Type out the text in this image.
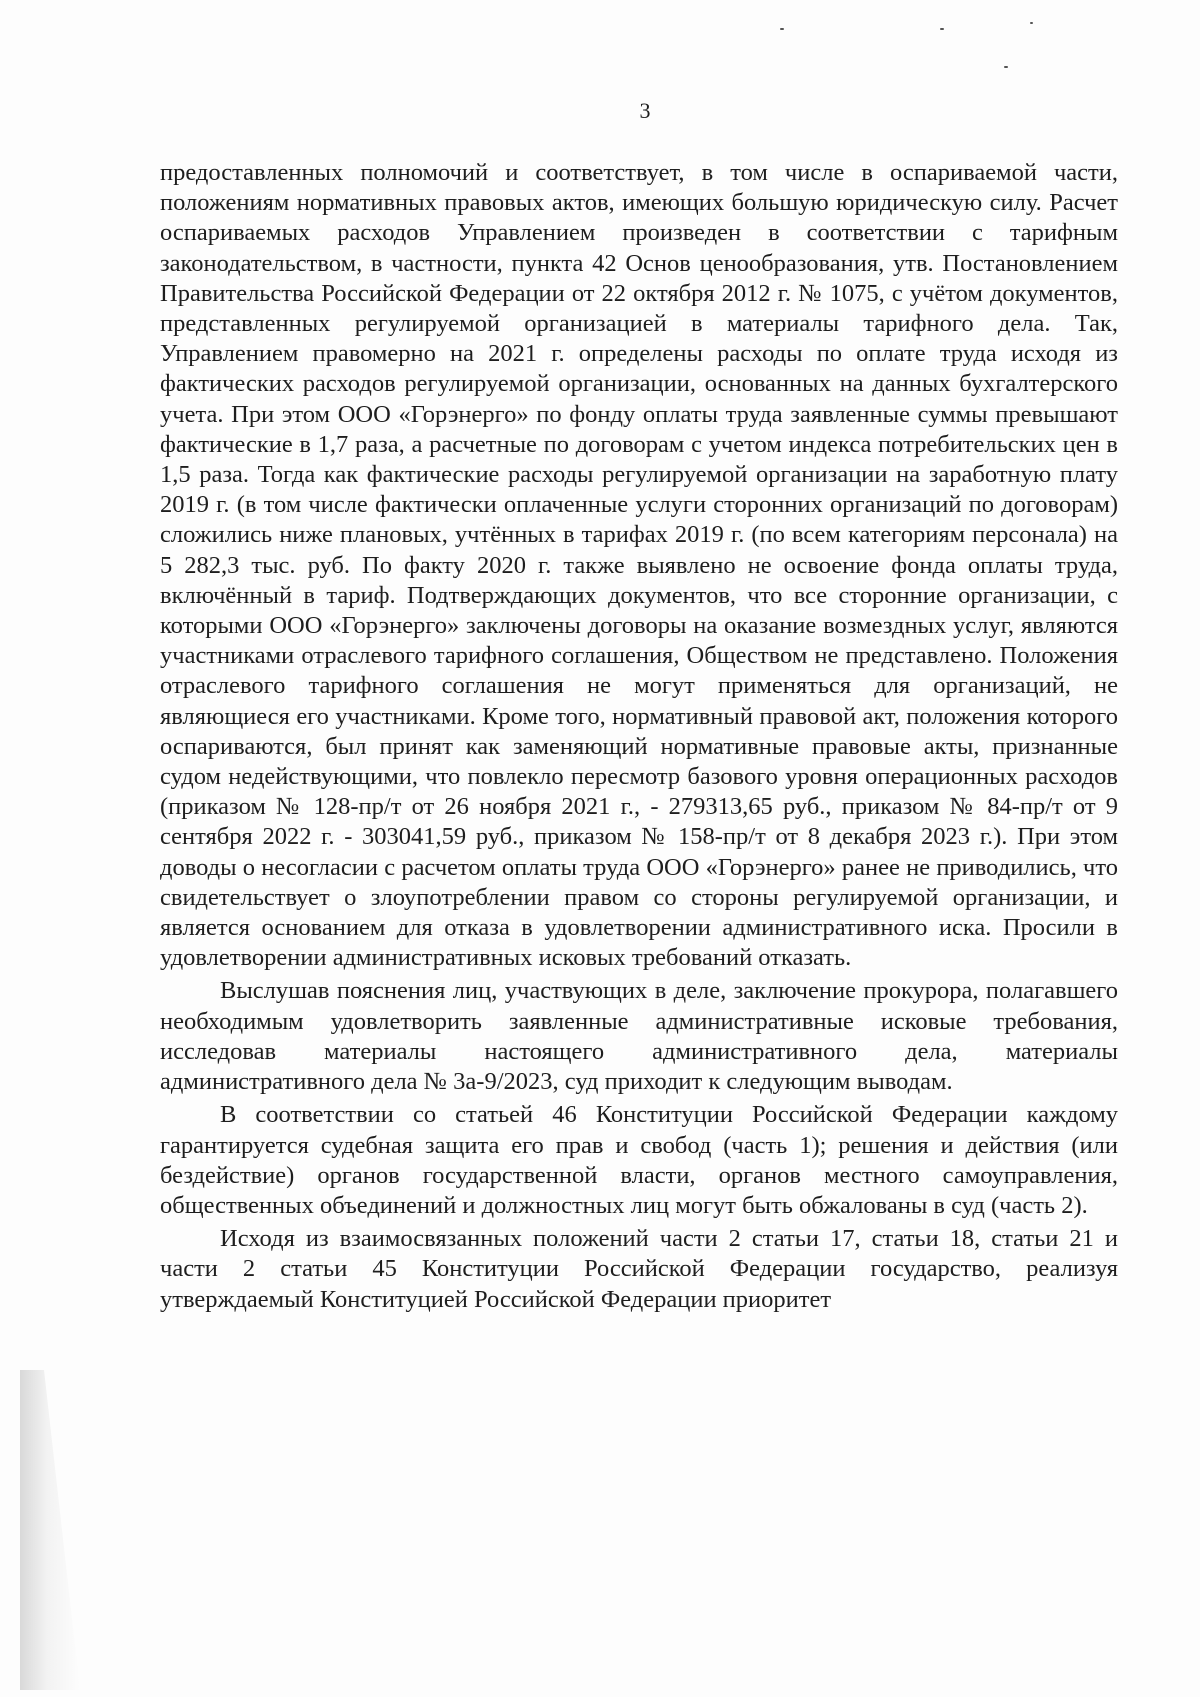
3

предоставленных полномочий и соответствует, в том числе в оспариваемой части, положениям нормативных правовых актов, имеющих большую юридическую силу. Расчет оспариваемых расходов Управлением произведен в соответствии с тарифным законодательством, в частности, пункта 42 Основ ценообразования, утв. Постановлением Правительства Российской Федерации от 22 октября 2012 г. № 1075, с учётом документов, представленных регулируемой организацией в материалы тарифного дела. Так, Управлением правомерно на 2021 г. определены расходы по оплате труда исходя из фактических расходов регулируемой организации, основанных на данных бухгалтерского учета. При этом ООО «Горэнерго» по фонду оплаты труда заявленные суммы превышают фактические в 1,7 раза, а расчетные по договорам с учетом индекса потребительских цен в 1,5 раза. Тогда как фактические расходы регулируемой организации на заработную плату 2019 г. (в том числе фактически оплаченные услуги сторонних организаций по договорам) сложились ниже плановых, учтённых в тарифах 2019 г. (по всем категориям персонала) на 5 282,3 тыс. руб. По факту 2020 г. также выявлено не освоение фонда оплаты труда, включённый в тариф. Подтверждающих документов, что все сторонние организации, с которыми ООО «Горэнерго» заключены договоры на оказание возмездных услуг, являются участниками отраслевого тарифного соглашения, Обществом не представлено. Положения отраслевого тарифного соглашения не могут применяться для организаций, не являющиеся его участниками. Кроме того, нормативный правовой акт, положения которого оспариваются, был принят как заменяющий нормативные правовые акты, признанные судом недействующими, что повлекло пересмотр базового уровня операционных расходов (приказом № 128-пр/т от 26 ноября 2021 г., - 279313,65 руб., приказом № 84-пр/т от 9 сентября 2022 г. - 303041,59 руб., приказом № 158-пр/т от 8 декабря 2023 г.). При этом доводы о несогласии с расчетом оплаты труда ООО «Горэнерго» ранее не приводились, что свидетельствует о злоупотреблении правом со стороны регулируемой организации, и является основанием для отказа в удовлетворении административного иска. Просили в удовлетворении административных исковых требований отказать.

Выслушав пояснения лиц, участвующих в деле, заключение прокурора, полагавшего необходимым удовлетворить заявленные административные исковые требования, исследовав материалы настоящего административного дела, материалы административного дела № 3а-9/2023, суд приходит к следующим выводам.

В соответствии со статьей 46 Конституции Российской Федерации каждому гарантируется судебная защита его прав и свобод (часть 1); решения и действия (или бездействие) органов государственной власти, органов местного самоуправления, общественных объединений и должностных лиц могут быть обжалованы в суд (часть 2).

Исходя из взаимосвязанных положений части 2 статьи 17, статьи 18, статьи 21 и части 2 статьи 45 Конституции Российской Федерации государство, реализуя утверждаемый Конституцией Российской Федерации приоритет
